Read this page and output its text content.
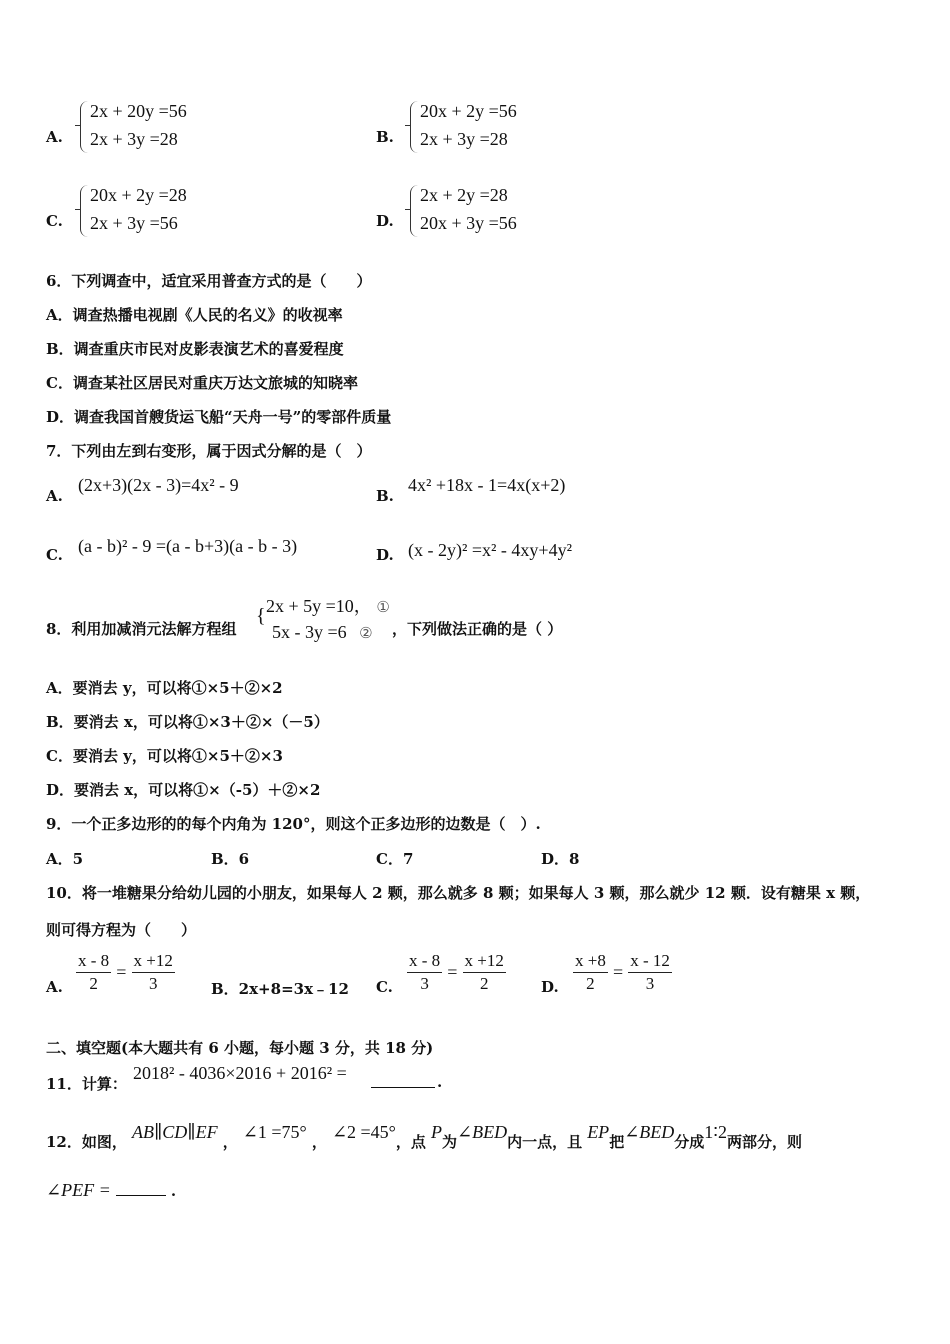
A.
2x + 20y =56
2x + 3y =28	B.
20x + 2y =56
2x + 3y =28
C.
20x + 2y =28
2x + 3y =56	D.
2x + 2y =28
20x + 3y =56
6．下列调查中，适宜采用普查方式的是（　　）
A．调查热播电视剧《人民的名义》的收视率
B．调查重庆市民对皮影表演艺术的喜爱程度
C．调查某社区居民对重庆万达文旅城的知晓率
D．调查我国首艘货运飞船“天舟一号”的零部件质量
7．下列由左到右变形，属于因式分解的是（　）
A.
(2x+3)(2x - 3)=4x² - 9
B.
4x² +18x - 1=4x(x+2)
C. (a - b)² - 9 =(a - b+3)(a - b - 3)	D. (x - 2y)² =x² - 4xy+4y²
8．利用加减消元法解方程组
{ 2x + 5y =10， ①
5x - 3y =6 ② ，下列做法正确的是（ ）
A．要消去 y，可以将①×5＋②×2
B．要消去 x，可以将①×3＋②×（－5）
C．要消去 y，可以将①×5＋②×3
D．要消去 x，可以将①×（-5）＋②×2
9．一个正多边形的的每个内角为 120°，则这个正多边形的边数是（　）.
A．5	B．6	C．7	D．8
10．将一堆糖果分给幼儿园的小朋友，如果每人 2 颗，那么就多 8 颗；如果每人 3 颗，那么就少 12 颗．设有糖果 x 颗，
则可得方程为（　　）
A. $\frac{x - 8}{2} = \frac{x +12}{3}$ B．2x+8=3x﹣12 C. $\frac{x - 8}{3} = \frac{x +12}{2} D$. $\frac{x +8}{2} = \frac{x - 12}{3}$
二、填空题(本大题共有 6 小题，每小题 3 分，共 18 分)
11．计算：
2018² - 4036×2016 + 2016² =	.
12．如图， AB∥CD∥EF ， ∠1 =75° ， ∠2 =45°，点 P为∠BED内一点，且 EP把∠BED分成1∶2两部分，则
∠PEF =	.
